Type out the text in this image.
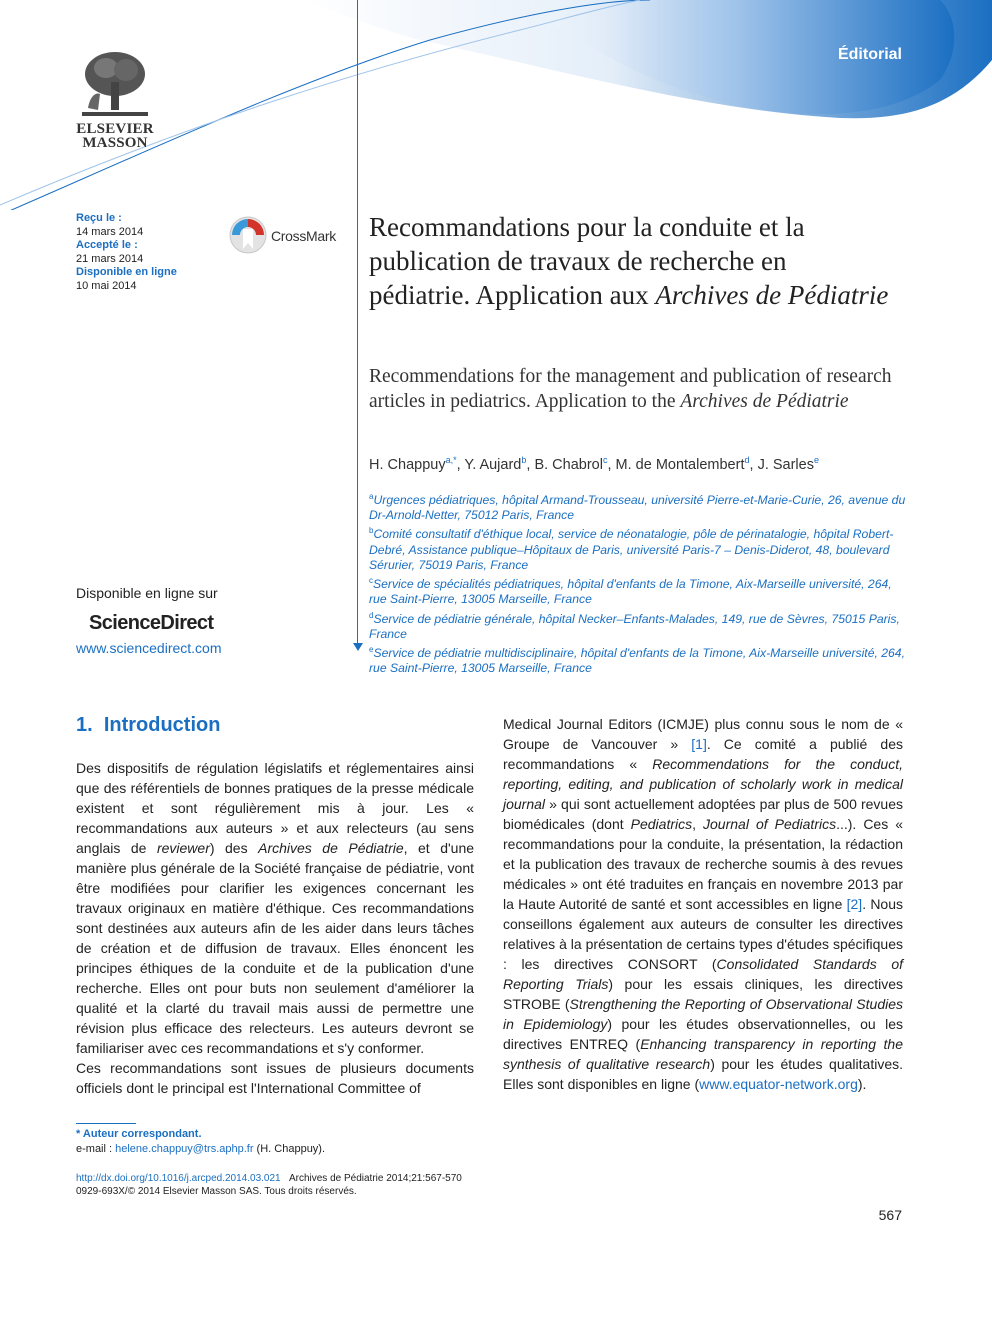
Éditorial
ELSEVIER
MASSON
Reçu le :
14 mars 2014
Accepté le :
21 mars 2014
Disponible en ligne
10 mai 2014
CrossMark Recommandations pour la conduite et la publication de travaux de recherche en pédiatrie. Application aux Archives de Pédiatrie
Recommendations for the management and publication of research articles in pediatrics. Application to the Archives de Pédiatrie
H. Chappuy$^{a,*}$, Y. Aujard$^b$, B. Chabrol$^c$, M. de Montalembert$^d$, J. Sarles$^e$
$^a$Urgences pédiatriques, hôpital Armand-Trousseau, université Pierre-et-Marie-Curie, 26, avenue du Dr-Arnold-Netter, 75012 Paris, France
$^b$Comité consultatif d'éthique local, service de néonatalogie, pôle de périnatalogie, hôpital Robert-Debré, Assistance publique–Hôpitaux de Paris, université Paris-7 – Denis-Diderot, 48, boulevard Sérurier, 75019 Paris, France
$^c$Service de spécialités pédiatriques, hôpital d'enfants de la Timone, Aix-Marseille université, 264, rue Saint-Pierre, 13005 Marseille, France
$^d$Service de pédiatrie générale, hôpital Necker–Enfants-Malades, 149, rue de Sèvres, 75015 Paris, France
$^e$Service de pédiatrie multidisciplinaire, hôpital d'enfants de la Timone, Aix-Marseille université, 264, rue Saint-Pierre, 13005 Marseille, France
Disponible en ligne sur
ScienceDirect
www.sciencedirect.com
1. Introduction

Des dispositifs de régulation législatifs et réglementaires ainsi que des référentiels de bonnes pratiques de la presse médicale existent et sont régulièrement mis à jour. Les « recommandations aux auteurs » et aux relecteurs (au sens anglais de reviewer) des Archives de Pédiatrie, et d'une manière plus générale de la Société française de pédiatrie, vont être modifiées pour clarifier les exigences concernant les travaux originaux en matière d'éthique. Ces recommandations sont destinées aux auteurs afin de les aider dans leurs tâches de création et de diffusion de travaux. Elles énoncent les principes éthiques de la conduite et de la publication d'une recherche. Elles ont pour buts non seulement d'améliorer la qualité et la clarté du travail mais aussi de permettre une révision plus efficace des relecteurs. Les auteurs devront se familiariser avec ces recommandations et s'y conformer.

Ces recommandations sont issues de plusieurs documents officiels dont le principal est l'International Committee of

Medical Journal Editors (ICMJE) plus connu sous le nom de « Groupe de Vancouver » [1]. Ce comité a publié des recommandations « Recommendations for the conduct, reporting, editing, and publication of scholarly work in medical journal » qui sont actuellement adoptées par plus de 500 revues biomédicales (dont Pediatrics, Journal of Pediatrics...). Ces « recommandations pour la conduite, la présentation, la rédaction et la publication des travaux de recherche soumis à des revues médicales » ont été traduites en français en novembre 2013 par la Haute Autorité de santé et sont accessibles en ligne [2]. Nous conseillons également aux auteurs de consulter les directives relatives à la présentation de certains types d'études spécifiques : les directives CONSORT (Consolidated Standards of Reporting Trials) pour les essais cliniques, les directives STROBE (Strengthening the Reporting of Observational Studies in Epidemiology) pour les études observationnelles, ou les directives ENTREQ (Enhancing transparency in reporting the synthesis of qualitative research) pour les études qualitatives. Elles sont disponibles en ligne (www.equator-network.org).

* Auteur correspondant.
e-mail : helene.chappuy@trs.aphp.fr (H. Chappuy).
http://dx.doi.org/10.1016/j.arcped.2014.03.021 Archives de Pédiatrie 2014;21:567-570
0929-693X/© 2014 Elsevier Masson SAS. Tous droits réservés.
567
